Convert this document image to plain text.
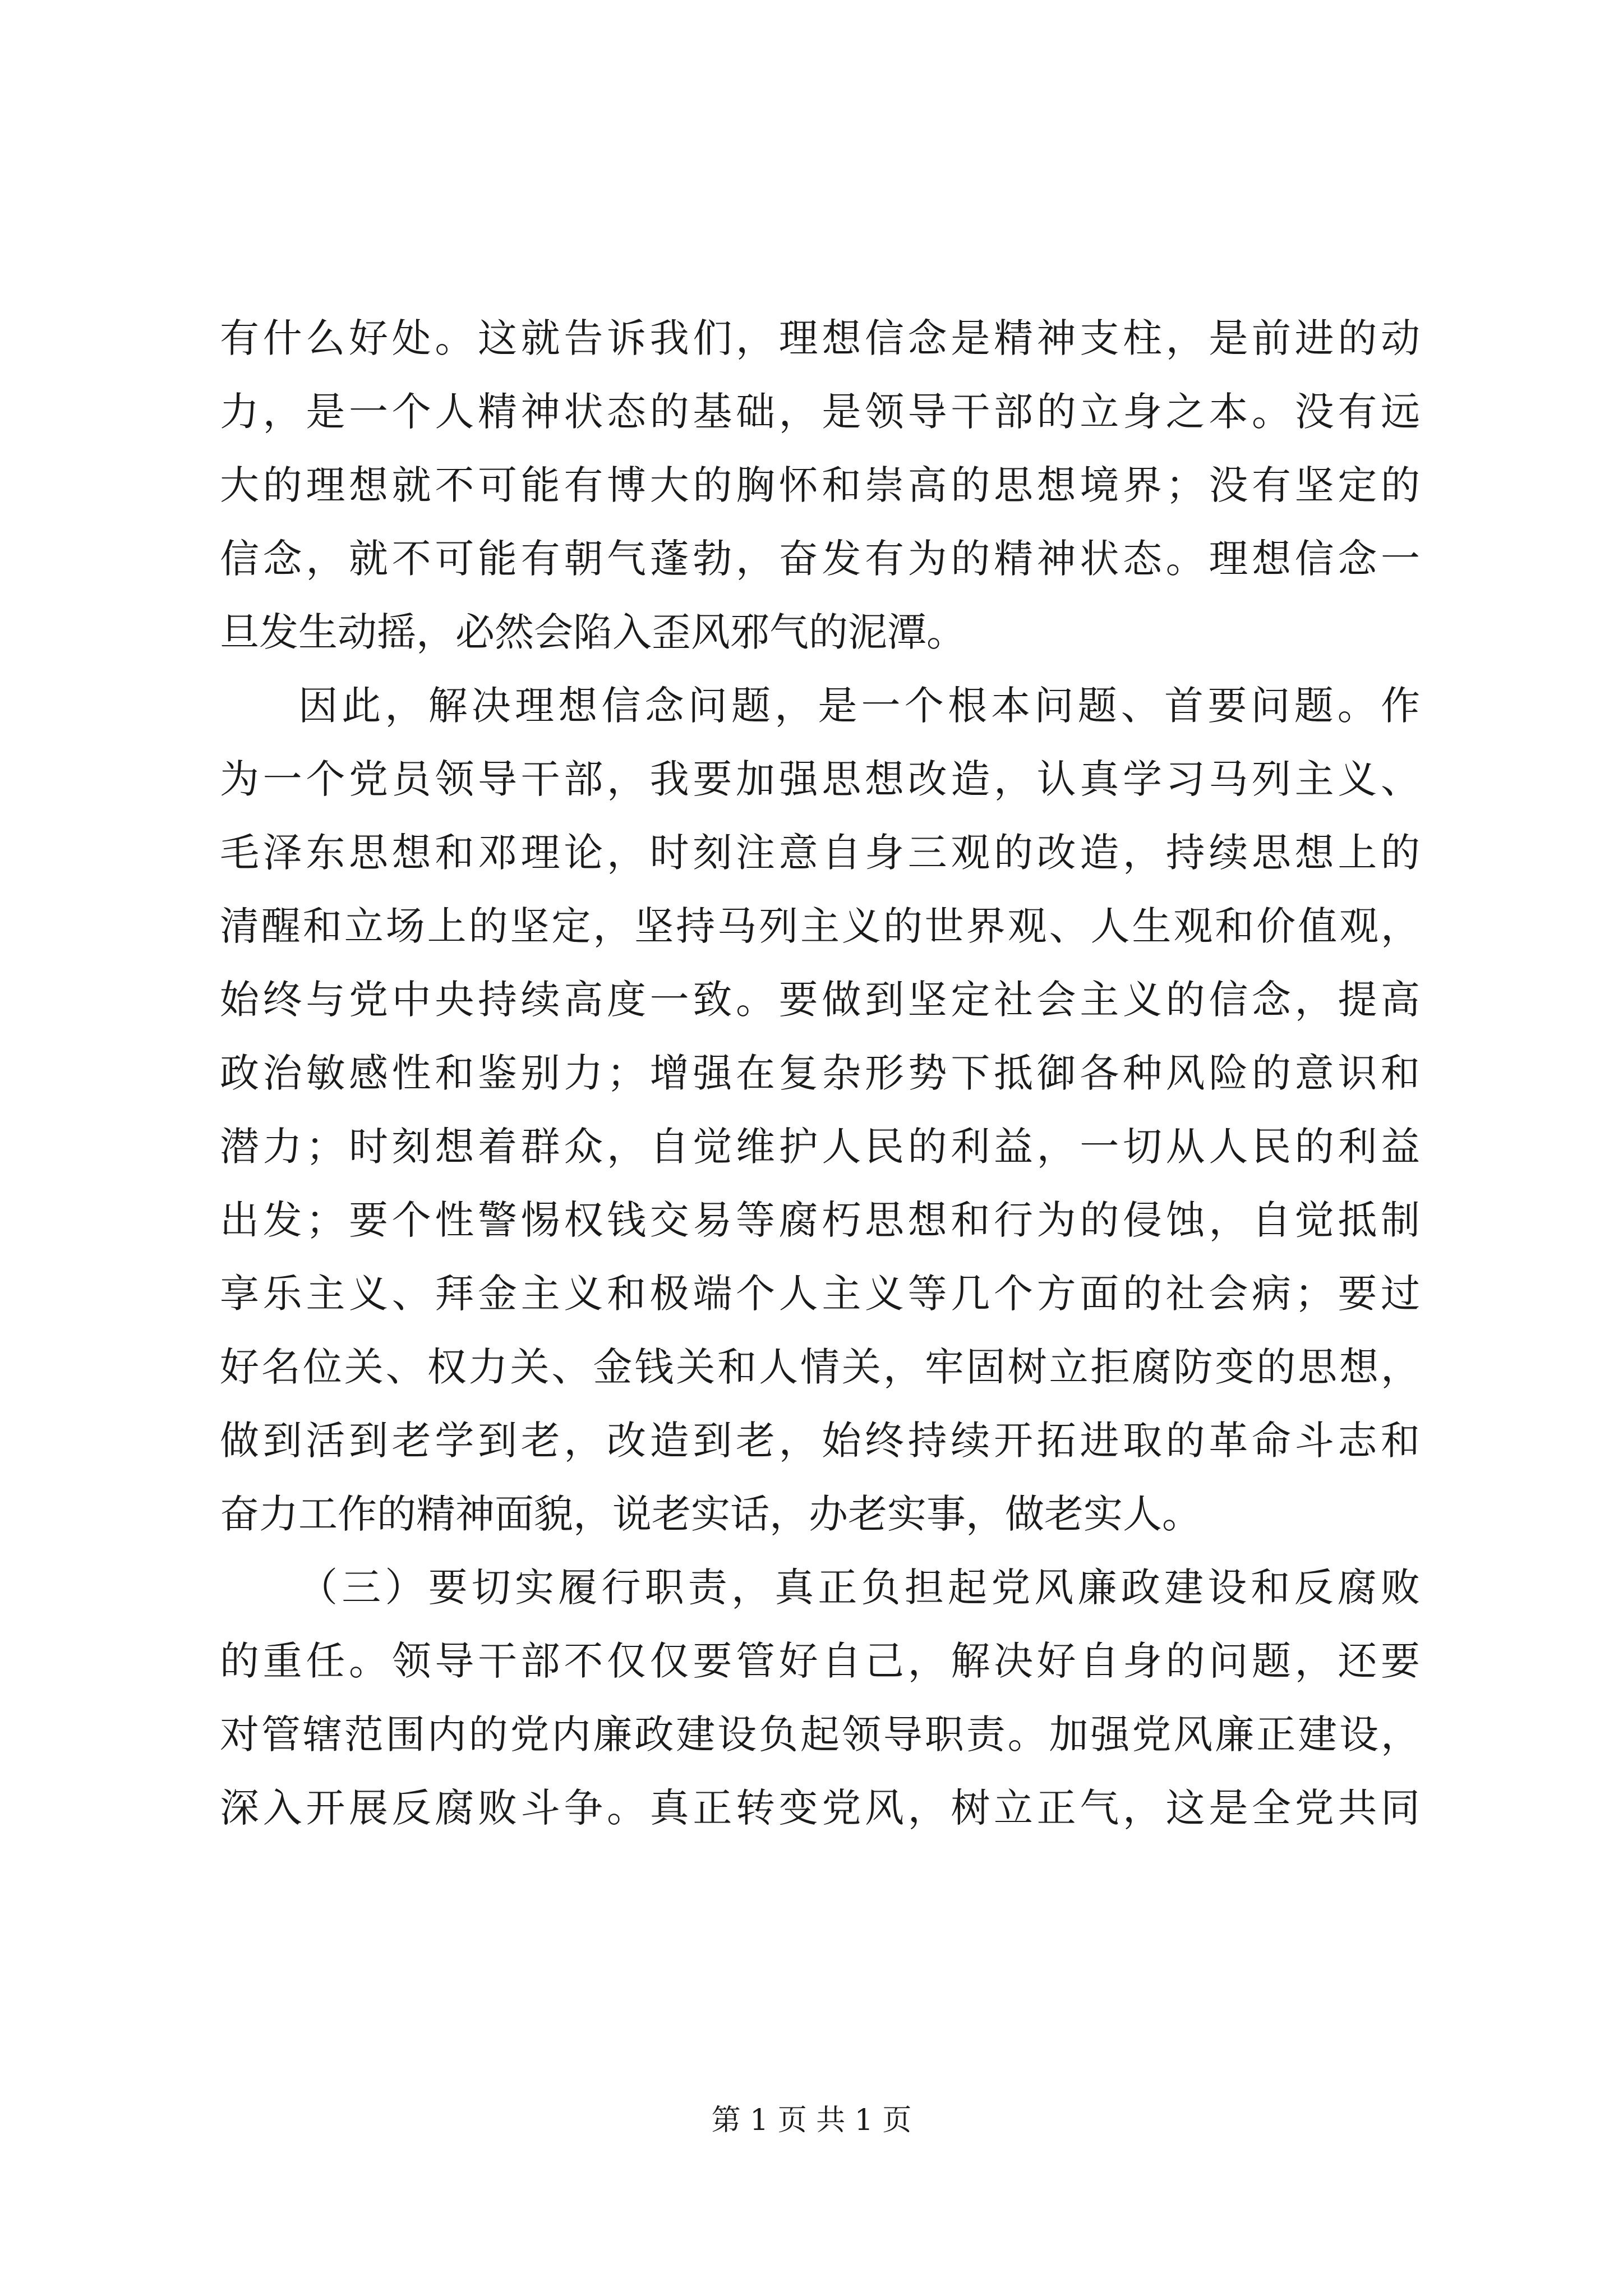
有什么好处。这就告诉我们，理想信念是精神支柱，是前进的动
力，是一个人精神状态的基础，是领导干部的立身之本。没有远
大的理想就不可能有博大的胸怀和崇高的思想境界；没有坚定的
信念，就不可能有朝气蓬勃，奋发有为的精神状态。理想信念一
旦发生动摇，必然会陷入歪风邪气的泥潭。
因此，解决理想信念问题，是一个根本问题、首要问题。作
为一个党员领导干部，我要加强思想改造，认真学习马列主义、
毛泽东思想和邓理论，时刻注意自身三观的改造，持续思想上的
清醒和立场上的坚定，坚持马列主义的世界观、人生观和价值观，
始终与党中央持续高度一致。要做到坚定社会主义的信念，提高
政治敏感性和鉴别力；增强在复杂形势下抵御各种风险的意识和
潜力；时刻想着群众，自觉维护人民的利益，一切从人民的利益
出发；要个性警惕权钱交易等腐朽思想和行为的侵蚀，自觉抵制
享乐主义、拜金主义和极端个人主义等几个方面的社会病；要过
好名位关、权力关、金钱关和人情关，牢固树立拒腐防变的思想，
做到活到老学到老，改造到老，始终持续开拓进取的革命斗志和
奋力工作的精神面貌，说老实话，办老实事，做老实人。
（三）要切实履行职责，真正负担起党风廉政建设和反腐败
的重任。领导干部不仅仅要管好自己，解决好自身的问题，还要
对管辖范围内的党内廉政建设负起领导职责。加强党风廉正建设，
深入开展反腐败斗争。真正转变党风，树立正气，这是全党共同
第 1 页 共 1 页
